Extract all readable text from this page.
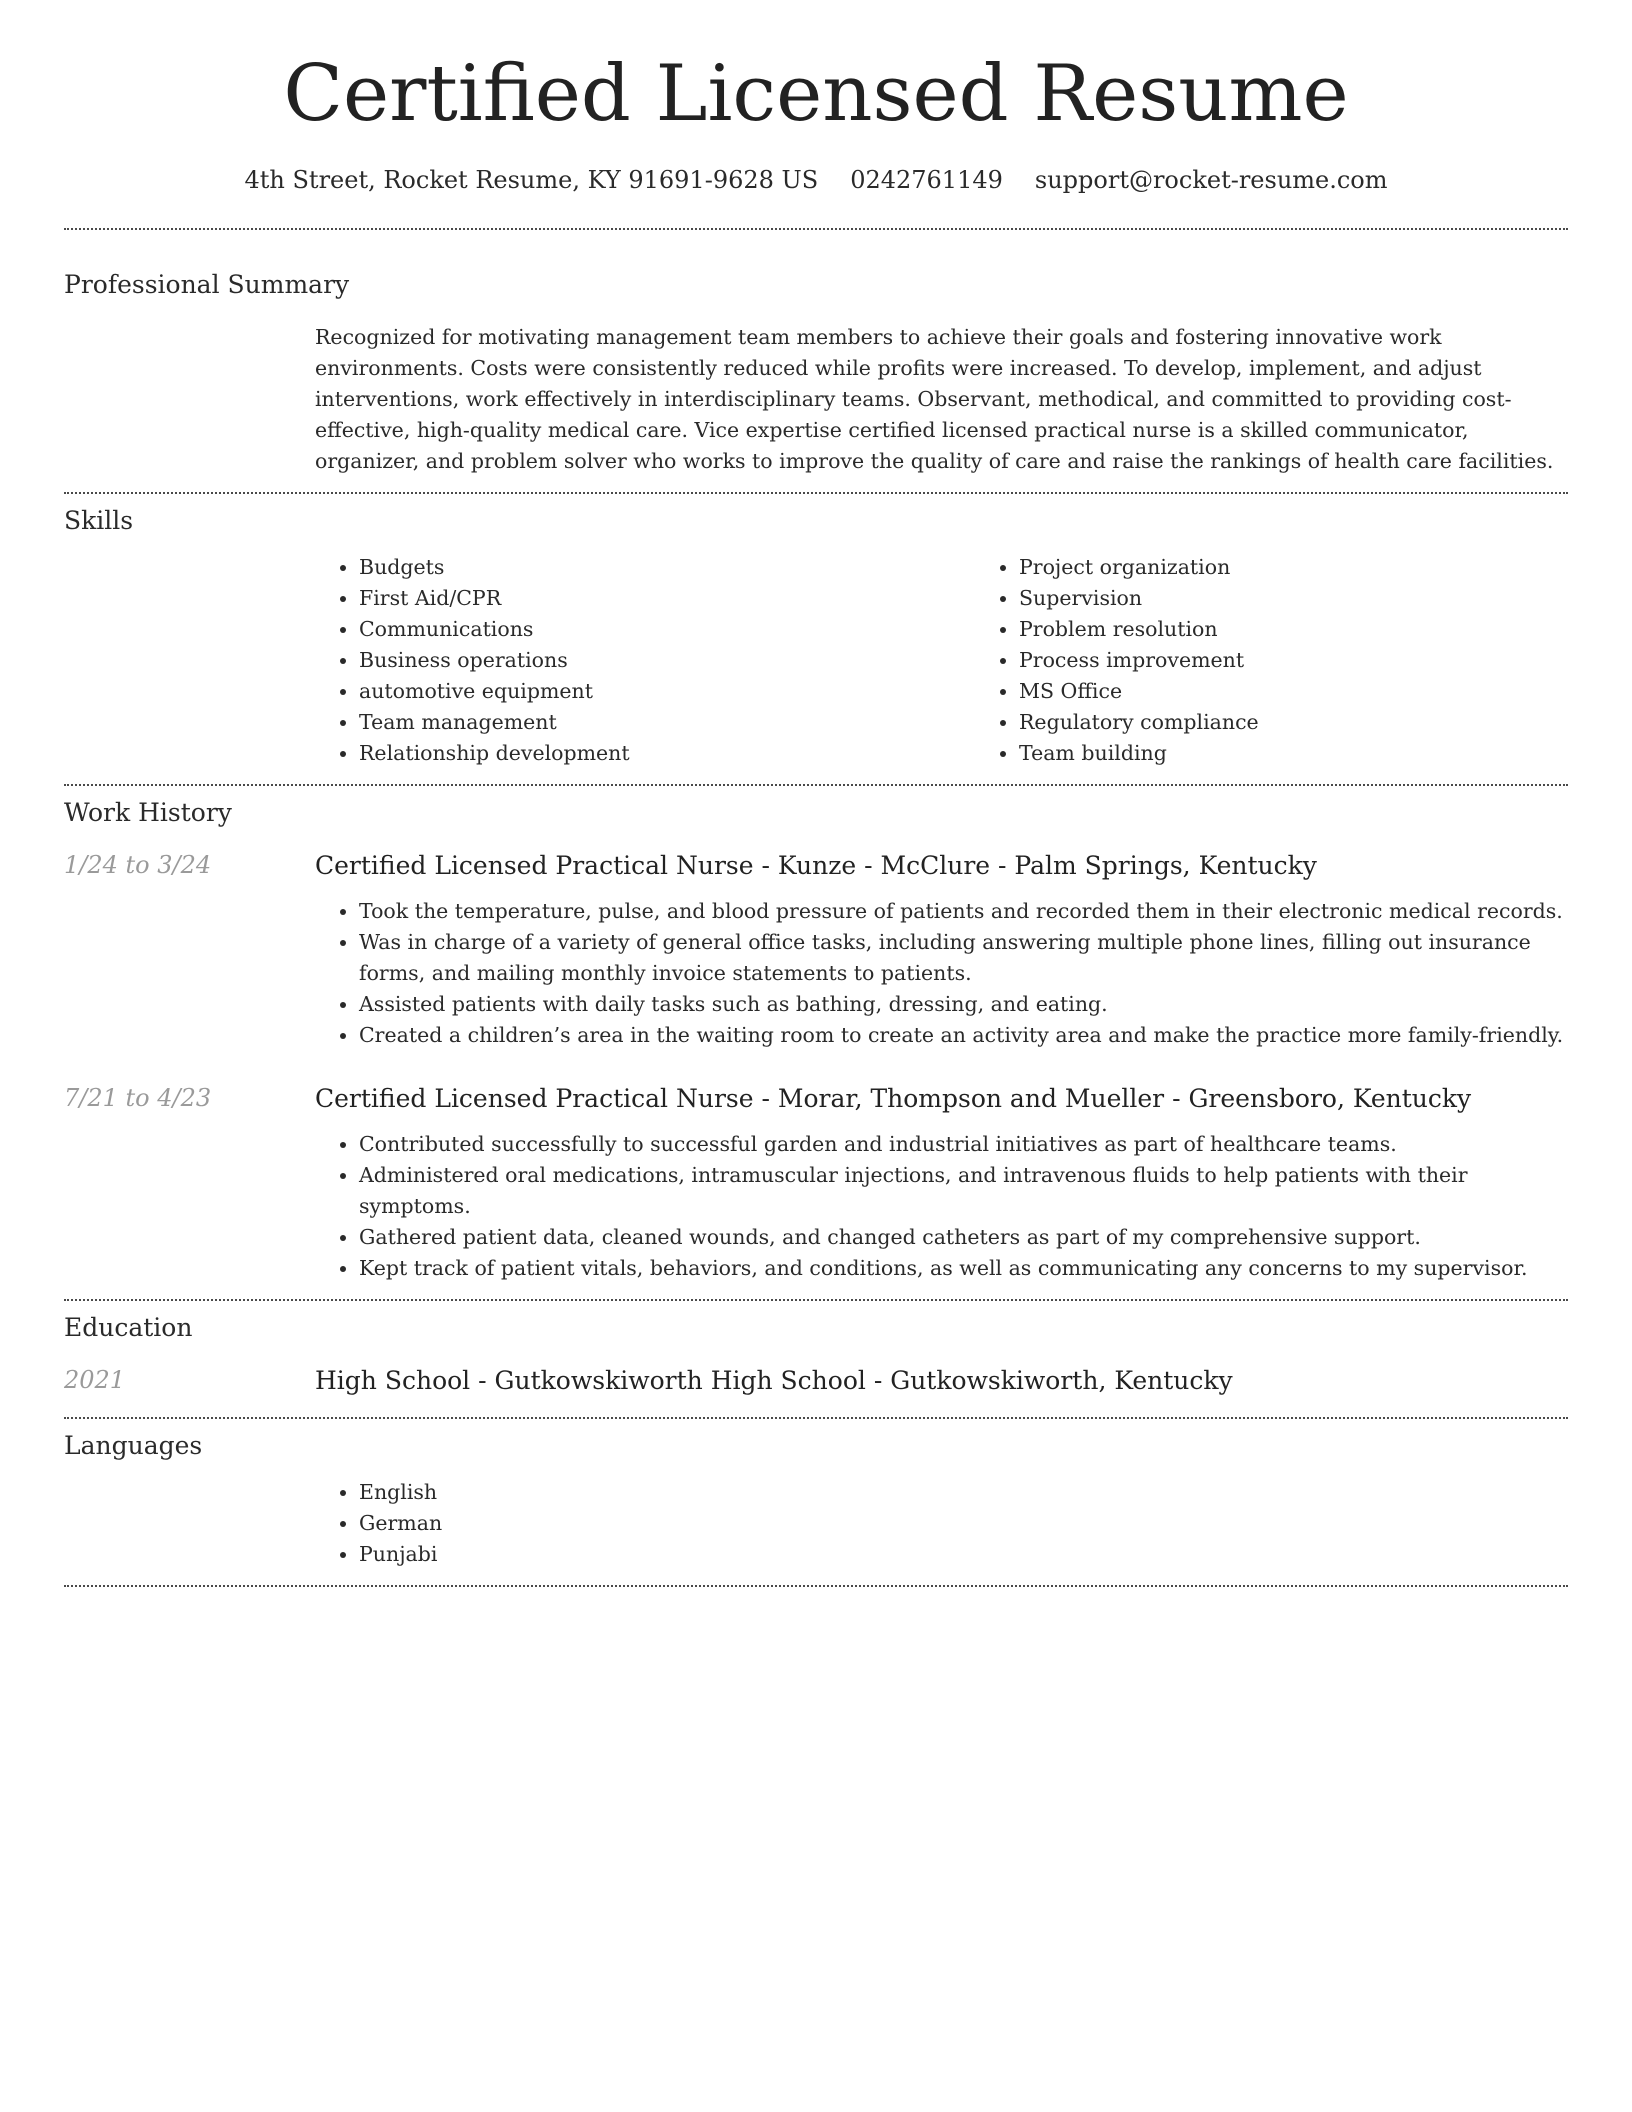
Certified Licensed Resume
4th Street, Rocket Resume, KY 91691-9628 US 0242761149 support@rocket-resume.com
Professional Summary

Recognized for motivating management team members to achieve their goals and fostering innovative work environments. Costs were consistently reduced while profits were increased. To develop, implement, and adjust interventions, work effectively in interdisciplinary teams. Observant, methodical, and committed to providing cost-effective, high-quality medical care. Vice expertise certified licensed practical nurse is a skilled communicator, organizer, and problem solver who works to improve the quality of care and raise the rankings of health care facilities.

Skills
• Budgets
• First Aid/CPR
• Communications
• Business operations
• automotive equipment
• Team management
• Relationship development
• Project organization
• Supervision
• Problem resolution
• Process improvement
• MS Office
• Regulatory compliance
• Team building
Work History
1/24 to 3/24	Certified Licensed Practical Nurse - Kunze - McClure - Palm Springs, Kentucky
• Took the temperature, pulse, and blood pressure of patients and recorded them in their electronic medical records.
• Was in charge of a variety of general office tasks, including answering multiple phone lines, filling out insurance forms, and mailing monthly invoice statements to patients.
• Assisted patients with daily tasks such as bathing, dressing, and eating.
• Created a children’s area in the waiting room to create an activity area and make the practice more family-friendly.
7/21 to 4/23	Certified Licensed Practical Nurse - Morar, Thompson and Mueller - Greensboro, Kentucky
• Contributed successfully to successful garden and industrial initiatives as part of healthcare teams.
• Administered oral medications, intramuscular injections, and intravenous fluids to help patients with their symptoms.
• Gathered patient data, cleaned wounds, and changed catheters as part of my comprehensive support.
• Kept track of patient vitals, behaviors, and conditions, as well as communicating any concerns to my supervisor.
Education
2021	High School - Gutkowskiworth High School - Gutkowskiworth, Kentucky
Languages
• English
• German
• Punjabi
